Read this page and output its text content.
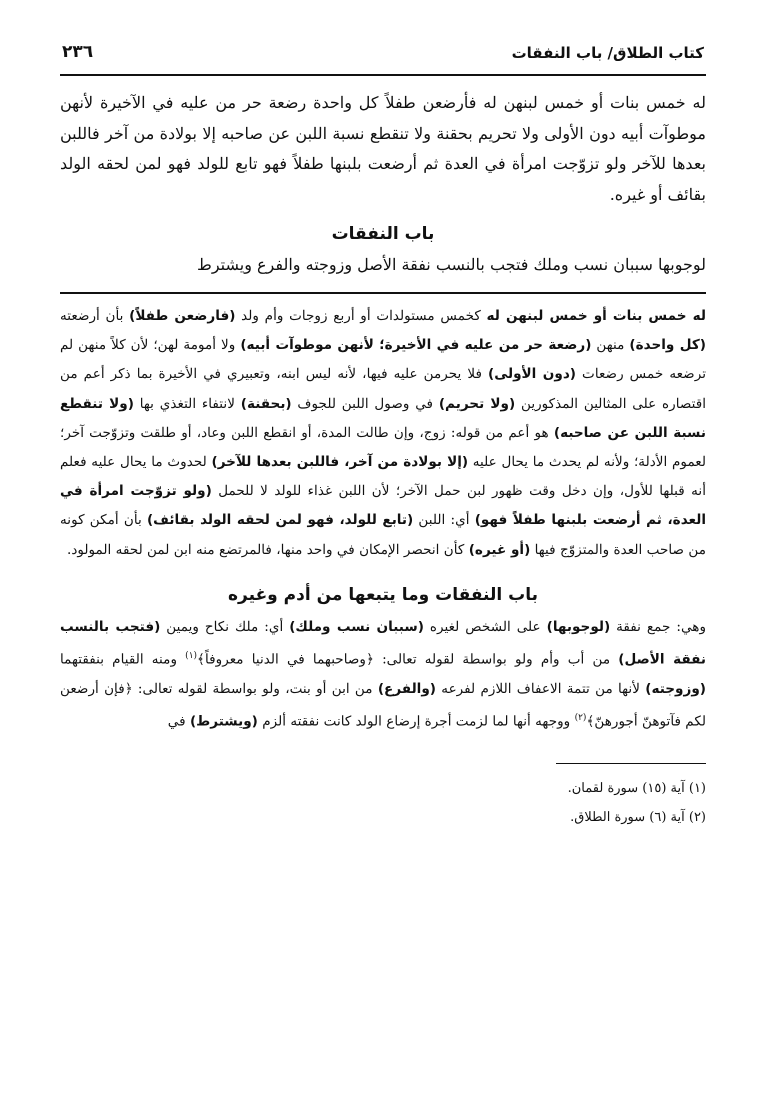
كتاب الطلاق/ باب النفقات
٢٣٦

له خمس بنات أو خمس لبنهن له فأرضعن طفلاً كل واحدة رضعة حر من عليه في الآخيرة لأنهن موطوآت أبيه دون الأولى ولا تحريم بحقنة ولا تنقطع نسبة اللبن عن صاحبه إلا بولادة من آخر فاللبن بعدها للآخر ولو تزوّجت امرأة في العدة ثم أرضعت بلبنها طفلاً فهو تابع للولد فهو لمن لحقه الولد بقائف أو غيره.

باب النفقات

لوجوبها سببان نسب وملك فتجب بالنسب نفقة الأصل وزوجته والفرع ويشترط

له خمس بنات أو خمس لبنهن له كخمس مستولدات أو أربع زوجات وأم ولد (فارضعن طفلاً) بأن أرضعته (كل واحدة) منهن (رضعة حر من عليه في الأخيرة؛ لأنهن موطوآت أبيه) ولا أمومة لهن؛ لأن كلاً منهن لم ترضعه خمس رضعات (دون الأولى) فلا يحرمن عليه فيها، لأنه ليس ابنه، وتعبيري في الأخيرة بما ذكر أعم من اقتصاره على المثالين المذكورين (ولا تحريم) في وصول اللبن للجوف (بحقنة) لانتفاء التغذي بها (ولا تنقطع نسبة اللبن عن صاحبه) هو أعم من قوله: زوج، وإن طالت المدة، أو انقطع اللبن وعاد، أو طلقت وتزوّجت آخر؛ لعموم الأدلة؛ ولأنه لم يحدث ما يحال عليه (إلا بولادة من آخر، فاللبن بعدها للآخر) لحدوث ما يحال عليه فعلم أنه قبلها للأول، وإن دخل وقت ظهور لبن حمل الآخر؛ لأن اللبن غذاء للولد لا للحمل (ولو تزوّجت امرأة في العدة، ثم أرضعت بلبنها طفلاً فهو) أي: اللبن (تابع للولد، فهو لمن لحقه الولد بقائف) بأن أمكن كونه من صاحب العدة والمتزوّج فيها (أو غيره) كأن انحصر الإمكان في واحد منها، فالمرتضع منه ابن لمن لحقه المولود.

باب النفقات وما يتبعها من أدم وغيره

وهي: جمع نفقة (لوجوبها) على الشخص لغيره (سببان نسب وملك) أي: ملك نكاح ويمين (فتجب بالنسب نفقة الأصل) من أب وأم ولو بواسطة لقوله تعالى: ﴿وصاحبهما في الدنيا معروفاً﴾$^{(١)}$ ومنه القيام بنفقتهما (وزوجته) لأنها من تتمة الاعفاف اللازم لفرعه (والفرع) من ابن أو بنت، ولو بواسطة لقوله تعالى: ﴿فإن أرضعن لكم فآتوهنّ أجورهنّ﴾$^{(٢)}$ ووجهه أنها لما لزمت أجرة إرضاع الولد كانت نفقته ألزم (ويشترط) في

(١) آية (١٥) سورة لقمان.
(٢) آية (٦) سورة الطلاق.
